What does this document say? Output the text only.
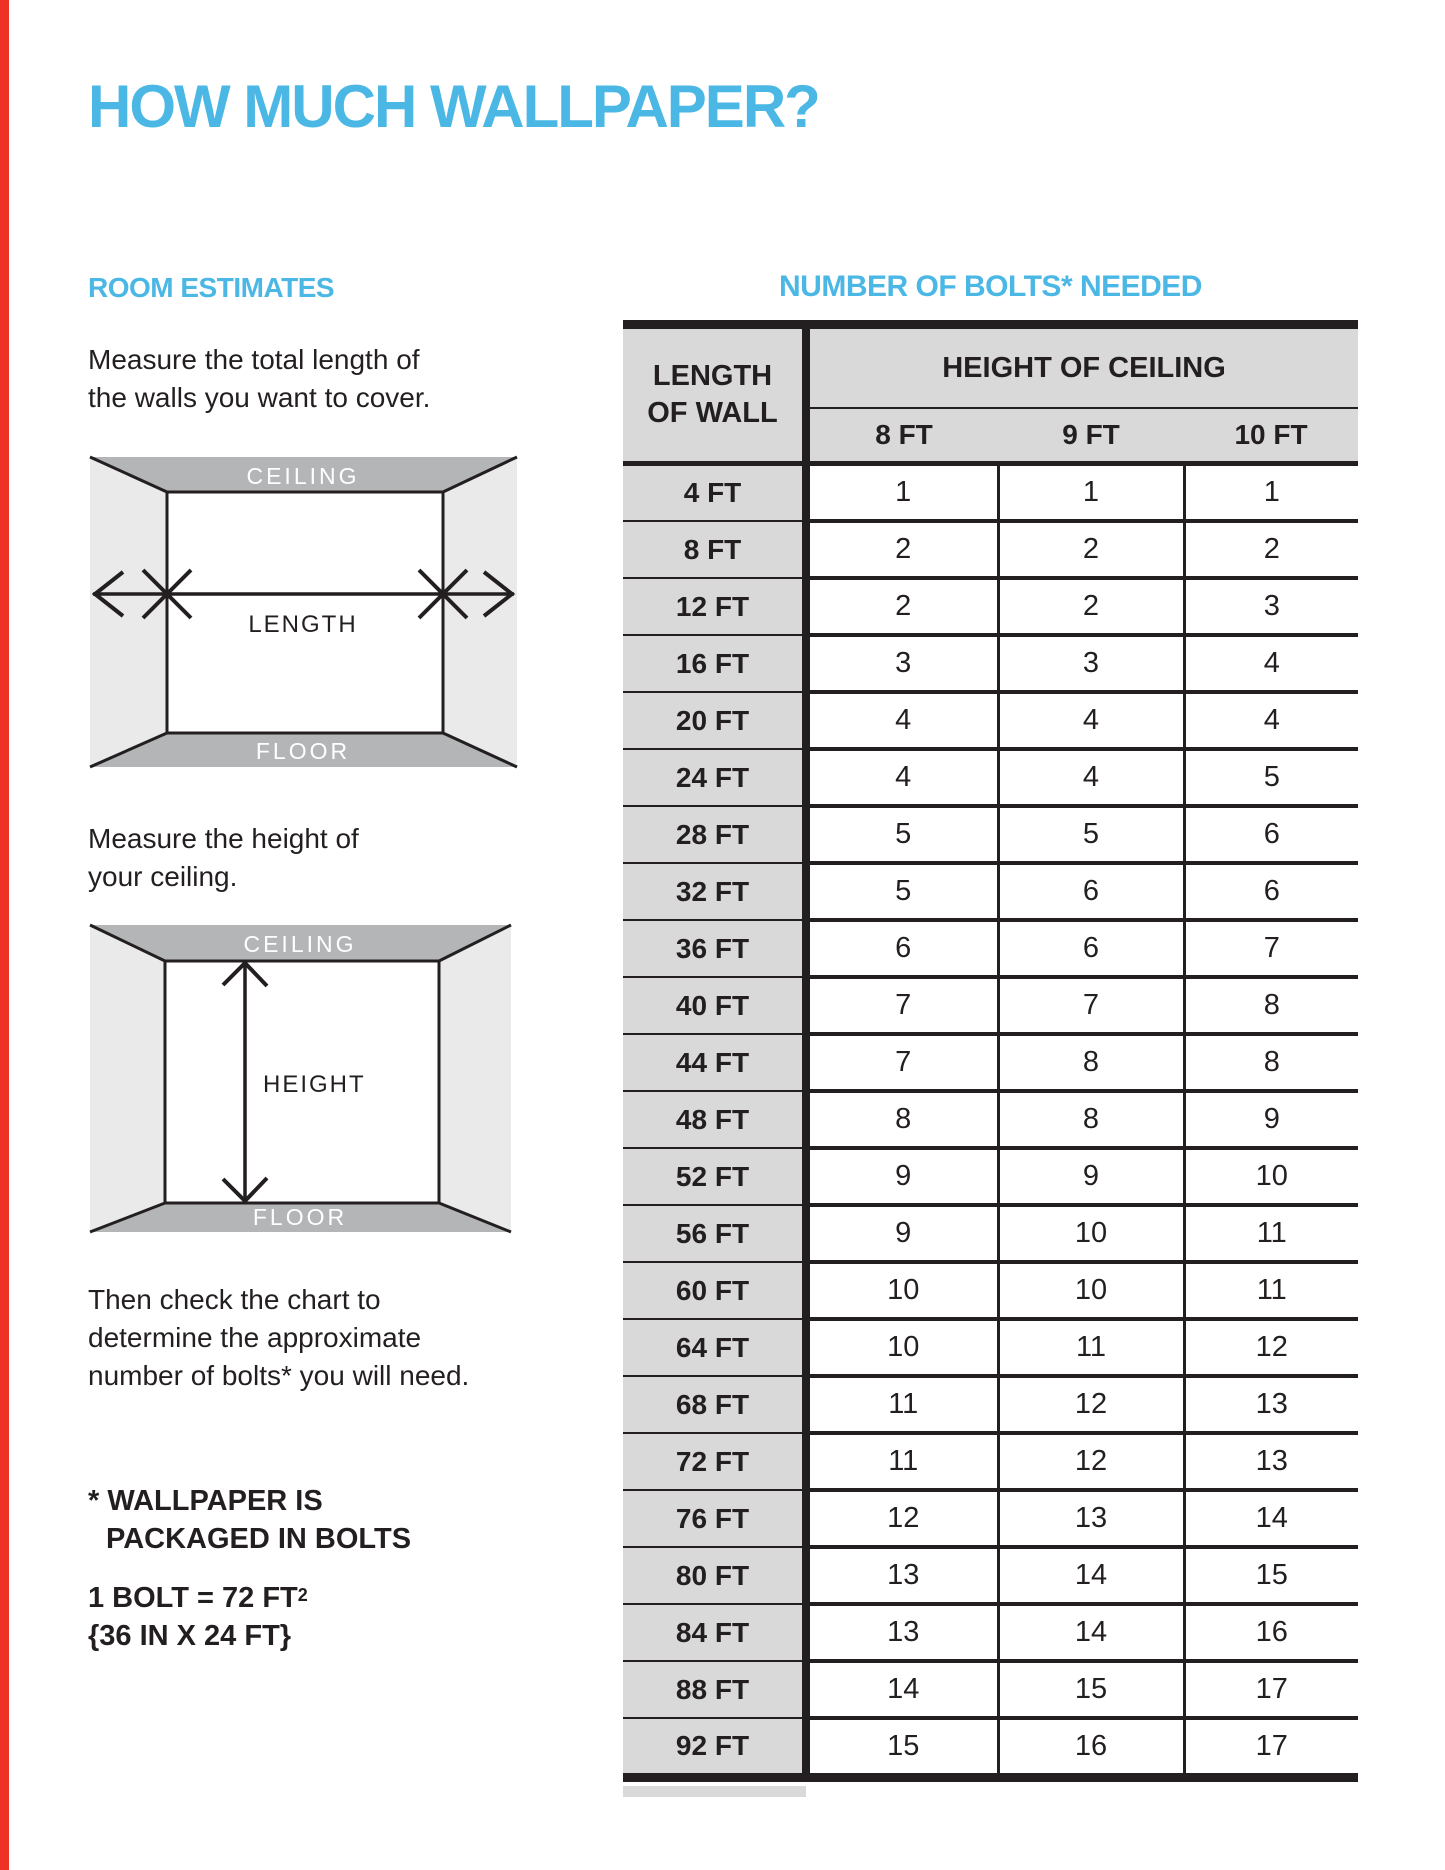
HOW MUCH WALLPAPER?
ROOM ESTIMATES
Measure the total length of
the walls you want to cover.
CEILING
FLOOR
LENGTH
Measure the height of
your ceiling.
CEILING
FLOOR
HEIGHT
Then check the chart to
determine the approximate
number of bolts* you will need.
* WALLPAPER IS
PACKAGED IN BOLTS
1 BOLT = 72 $FT^2$
{36 IN X 24 FT}
NUMBER OF BOLTS* NEEDED
LENGTH
OF WALL	HEIGHT OF CEILING		
	8 FT	9 FT	10 FT
4 FT	1	1	1
8 FT	2	2	2
12 FT	2	2	3
16 FT	3	3	4
20 FT	4	4	4
24 FT	4	4	5
28 FT	5	5	6
32 FT	5	6	6
36 FT	6	6	7
40 FT	7	7	8
44 FT	7	8	8
48 FT	8	8	9
52 FT	9	9	10
56 FT	9	10	11
60 FT	10	10	11
64 FT	10	11	12
68 FT	11	12	13
72 FT	11	12	13
76 FT	12	13	14
80 FT	13	14	15
84 FT	13	14	16
88 FT	14	15	17
92 FT	15	16	17
